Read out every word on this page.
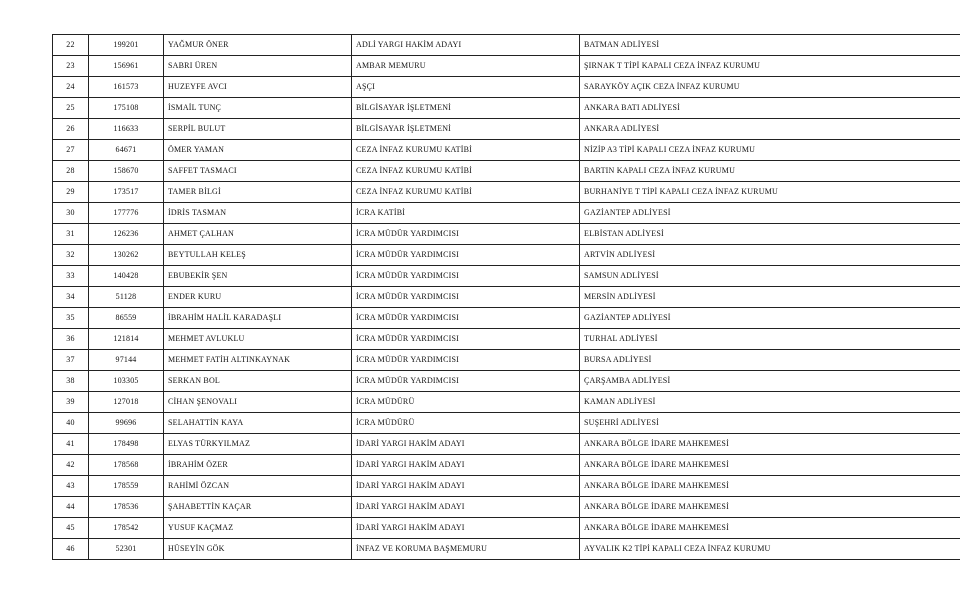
22	199201	YAĞMUR ÖNER	ADLİ YARGI HAKİM ADAYI	BATMAN ADLİYESİ
23	156961	SABRI ÜREN	AMBAR MEMURU	ŞIRNAK T TİPİ KAPALI CEZA İNFAZ KURUMU
24	161573	HUZEYFE AVCI	AŞÇI	SARAYKÖY AÇIK CEZA İNFAZ KURUMU
25	175108	İSMAİL TUNÇ	BİLGİSAYAR İŞLETMENİ	ANKARA BATI ADLİYESİ
26	116633	SERPİL BULUT	BİLGİSAYAR İŞLETMENİ	ANKARA ADLİYESİ
27	64671	ÖMER YAMAN	CEZA İNFAZ KURUMU KATİBİ	NİZİP A3 TİPİ KAPALI CEZA İNFAZ KURUMU
28	158670	SAFFET TASMACI	CEZA İNFAZ KURUMU KATİBİ	BARTIN KAPALI CEZA İNFAZ KURUMU
29	173517	TAMER BİLGİ	CEZA İNFAZ KURUMU KATİBİ	BURHANİYE T TİPİ KAPALI CEZA İNFAZ KURUMU
30	177776	İDRİS TASMAN	İCRA KATİBİ	GAZİANTEP ADLİYESİ
31	126236	AHMET ÇALHAN	İCRA MÜDÜR YARDIMCISI	ELBİSTAN ADLİYESİ
32	130262	BEYTULLAH KELEŞ	İCRA MÜDÜR YARDIMCISI	ARTVİN ADLİYESİ
33	140428	EBUBEKİR ŞEN	İCRA MÜDÜR YARDIMCISI	SAMSUN ADLİYESİ
34	51128	ENDER KURU	İCRA MÜDÜR YARDIMCISI	MERSİN ADLİYESİ
35	86559	İBRAHİM HALİL KARADAŞLI	İCRA MÜDÜR YARDIMCISI	GAZİANTEP ADLİYESİ
36	121814	MEHMET AVLUKLU	İCRA MÜDÜR YARDIMCISI	TURHAL ADLİYESİ
37	97144	MEHMET FATİH ALTINKAYNAK	İCRA MÜDÜR YARDIMCISI	BURSA ADLİYESİ
38	103305	SERKAN BOL	İCRA MÜDÜR YARDIMCISI	ÇARŞAMBA ADLİYESİ
39	127018	CİHAN ŞENOVALI	İCRA MÜDÜRÜ	KAMAN ADLİYESİ
40	99696	SELAHATTİN KAYA	İCRA MÜDÜRÜ	SUŞEHRİ ADLİYESİ
41	178498	ELYAS TÜRKYILMAZ	İDARİ YARGI HAKİM ADAYI	ANKARA BÖLGE İDARE MAHKEMESİ
42	178568	İBRAHİM ÖZER	İDARİ YARGI HAKİM ADAYI	ANKARA BÖLGE İDARE MAHKEMESİ
43	178559	RAHİMİ ÖZCAN	İDARİ YARGI HAKİM ADAYI	ANKARA BÖLGE İDARE MAHKEMESİ
44	178536	ŞAHABETTİN KAÇAR	İDARİ YARGI HAKİM ADAYI	ANKARA BÖLGE İDARE MAHKEMESİ
45	178542	YUSUF KAÇMAZ	İDARİ YARGI HAKİM ADAYI	ANKARA BÖLGE İDARE MAHKEMESİ
46	52301	HÜSEYİN GÖK	İNFAZ VE KORUMA BAŞMEMURU	AYVALIK K2 TİPİ KAPALI CEZA İNFAZ KURUMU
